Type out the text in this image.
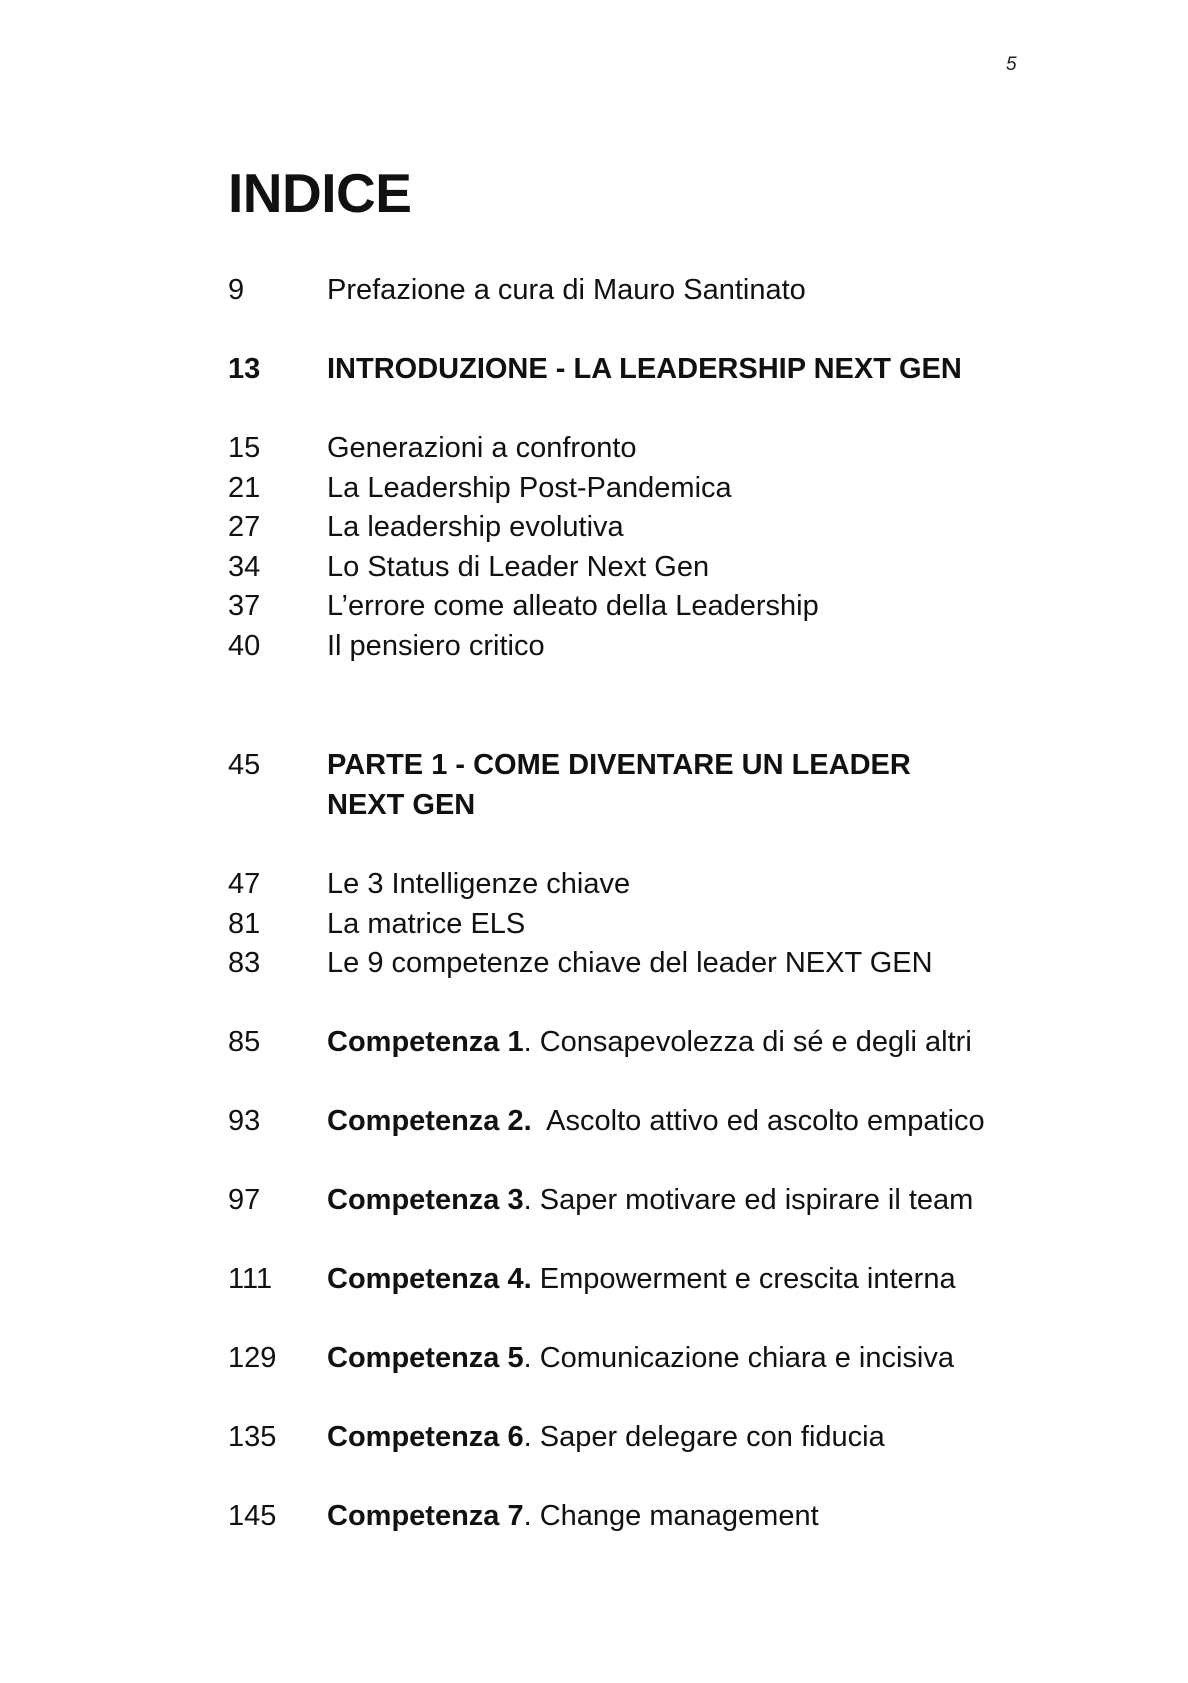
5
INDICE
9	Prefazione a cura di Mauro Santinato
13	INTRODUZIONE - LA LEADERSHIP NEXT GEN
15	Generazioni a confronto
21	La Leadership Post-Pandemica
27	La leadership evolutiva
34	Lo Status di Leader Next Gen
37	L’errore come alleato della Leadership
40	Il pensiero critico
45	PARTE 1 - COME DIVENTARE UN LEADER NEXT GEN
47	Le 3 Intelligenze chiave
81	La matrice ELS
83	Le 9 competenze chiave del leader NEXT GEN
85	Competenza 1. Consapevolezza di sé e degli altri
93	Competenza 2.  Ascolto attivo ed ascolto empatico
97	Competenza 3. Saper motivare ed ispirare il team
111	Competenza 4. Empowerment e crescita interna
129	Competenza 5. Comunicazione chiara e incisiva
135	Competenza 6. Saper delegare con fiducia
145	Competenza 7. Change management
